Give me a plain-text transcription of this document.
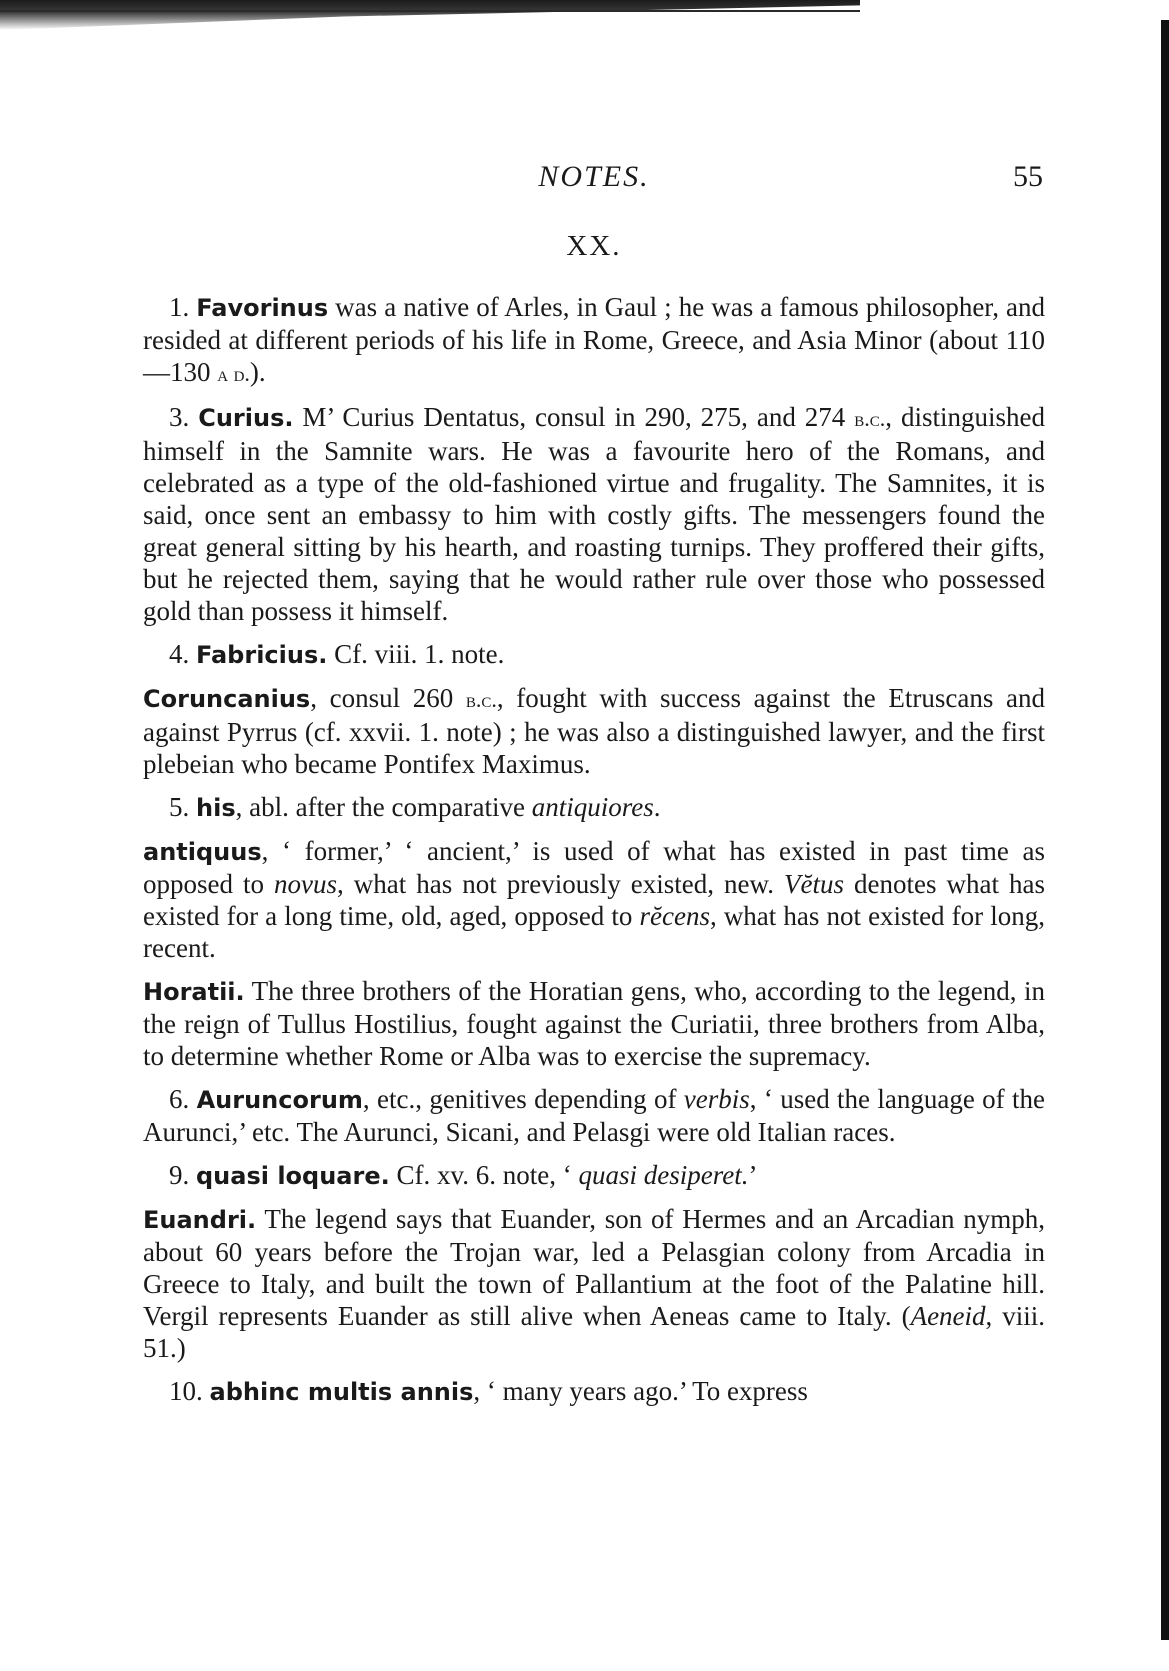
NOTES.	55
XX.

1. Favorinus was a native of Arles, in Gaul ; he was a famous philosopher, and resided at different periods of his life in Rome, Greece, and Asia Minor (about 110—130 a d.).

3. Curius. M’ Curius Dentatus, consul in 290, 275, and 274 b.c., distinguished himself in the Samnite wars. He was a favourite hero of the Romans, and celebrated as a type of the old-fashioned virtue and frugality. The Samnites, it is said, once sent an embassy to him with costly gifts. The messengers found the great general sitting by his hearth, and roasting turnips. They proffered their gifts, but he rejected them, saying that he would rather rule over those who possessed gold than possess it himself.

4. Fabricius. Cf. viii. 1. note.

Coruncanius, consul 260 b.c., fought with success against the Etruscans and against Pyrrus (cf. xxvii. 1. note) ; he was also a distinguished lawyer, and the first plebeian who became Pontifex Maximus.

5. his, abl. after the comparative antiquiores.

antiquus, ‘ former,’ ‘ ancient,’ is used of what has existed in past time as opposed to novus, what has not previously existed, new. Vĕtus denotes what has existed for a long time, old, aged, opposed to rĕcens, what has not existed for long, recent.

Horatii. The three brothers of the Horatian gens, who, according to the legend, in the reign of Tullus Hostilius, fought against the Curiatii, three brothers from Alba, to determine whether Rome or Alba was to exercise the supremacy.

6. Auruncorum, etc., genitives depending of verbis, ‘ used the language of the Aurunci,’ etc. The Aurunci, Sicani, and Pelasgi were old Italian races.

9. quasi loquare. Cf. xv. 6. note, ‘ quasi desiperet.’

Euandri. The legend says that Euander, son of Hermes and an Arcadian nymph, about 60 years before the Trojan war, led a Pelasgian colony from Arcadia in Greece to Italy, and built the town of Pallantium at the foot of the Palatine hill. Vergil represents Euander as still alive when Aeneas came to Italy. (Aeneid, viii. 51.)

10. abhinc multis annis, ‘ many years ago.’ To express
